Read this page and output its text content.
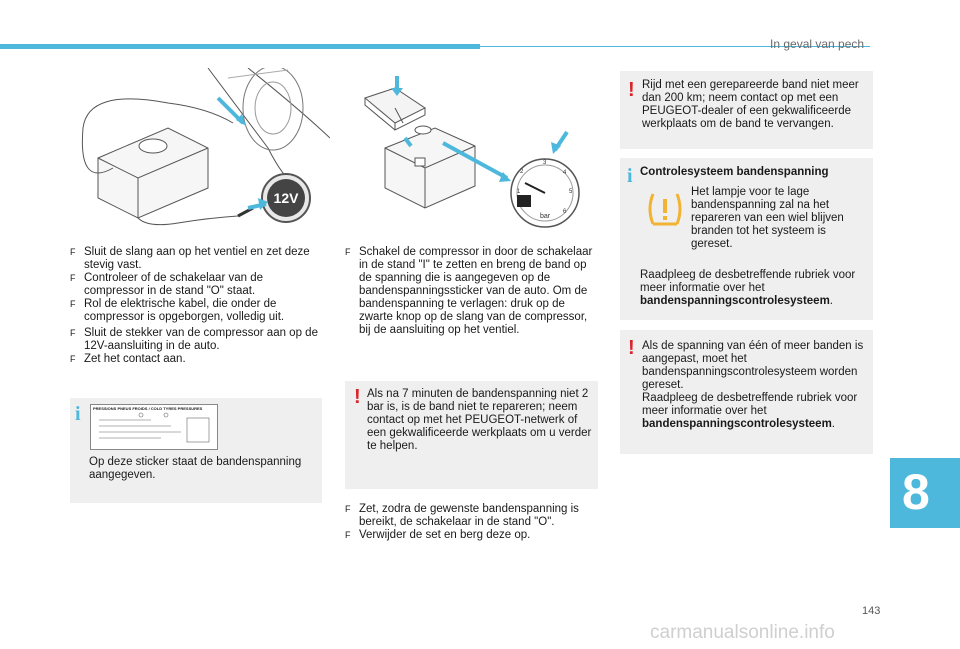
In geval van pech
12V
F Sluit de slang aan op het ventiel en zet deze stevig vast.
F Controleer of de schakelaar van de compressor in de stand "O" staat.
F Rol de elektrische kabel, die onder de compressor is opgeborgen, volledig uit.
F Sluit de stekker van de compressor aan op de 12V-aansluiting in de auto.
F Zet het contact aan.
i	PRESSIONS PNEUS FROIDS / COLD TYRES PRESSURES
Op deze sticker staat de bandenspanning aangegeven.
2
3
4
5
6
1
bar
F Schakel de compressor in door de schakelaar in de stand "I" te zetten en breng de band op de spanning die is aangegeven op de bandenspanningssticker van de auto. Om de bandenspanning te verlagen: druk op de zwarte knop op de slang van de compressor, bij de aansluiting op het ventiel.
! Als na 7 minuten de bandenspanning niet 2 bar is, is de band niet te repareren; neem contact op met het PEUGEOT-netwerk of een gekwalificeerde werkplaats om u verder te helpen.
F Zet, zodra de gewenste bandenspanning is bereikt, de schakelaar in de stand "O".
F Verwijder de set en berg deze op.
! Rijd met een gerepareerde band niet meer dan 200 km; neem contact op met een PEUGEOT-dealer of een gekwalificeerde werkplaats om de band te vervangen.
i Controlesysteem bandenspanning
Het lampje voor te lage bandenspanning zal na het repareren van een wiel blijven branden tot het systeem is gereset.
Raadpleeg de desbetreffende rubriek voor meer informatie over het
bandenspanningscontrolesysteem.
! Als de spanning van één of meer banden is aangepast, moet het bandenspanningscontrolesysteem worden gereset.
Raadpleeg de desbetreffende rubriek voor meer informatie over het
bandenspanningscontrolesysteem.
8
143
carmanualsonline.info
